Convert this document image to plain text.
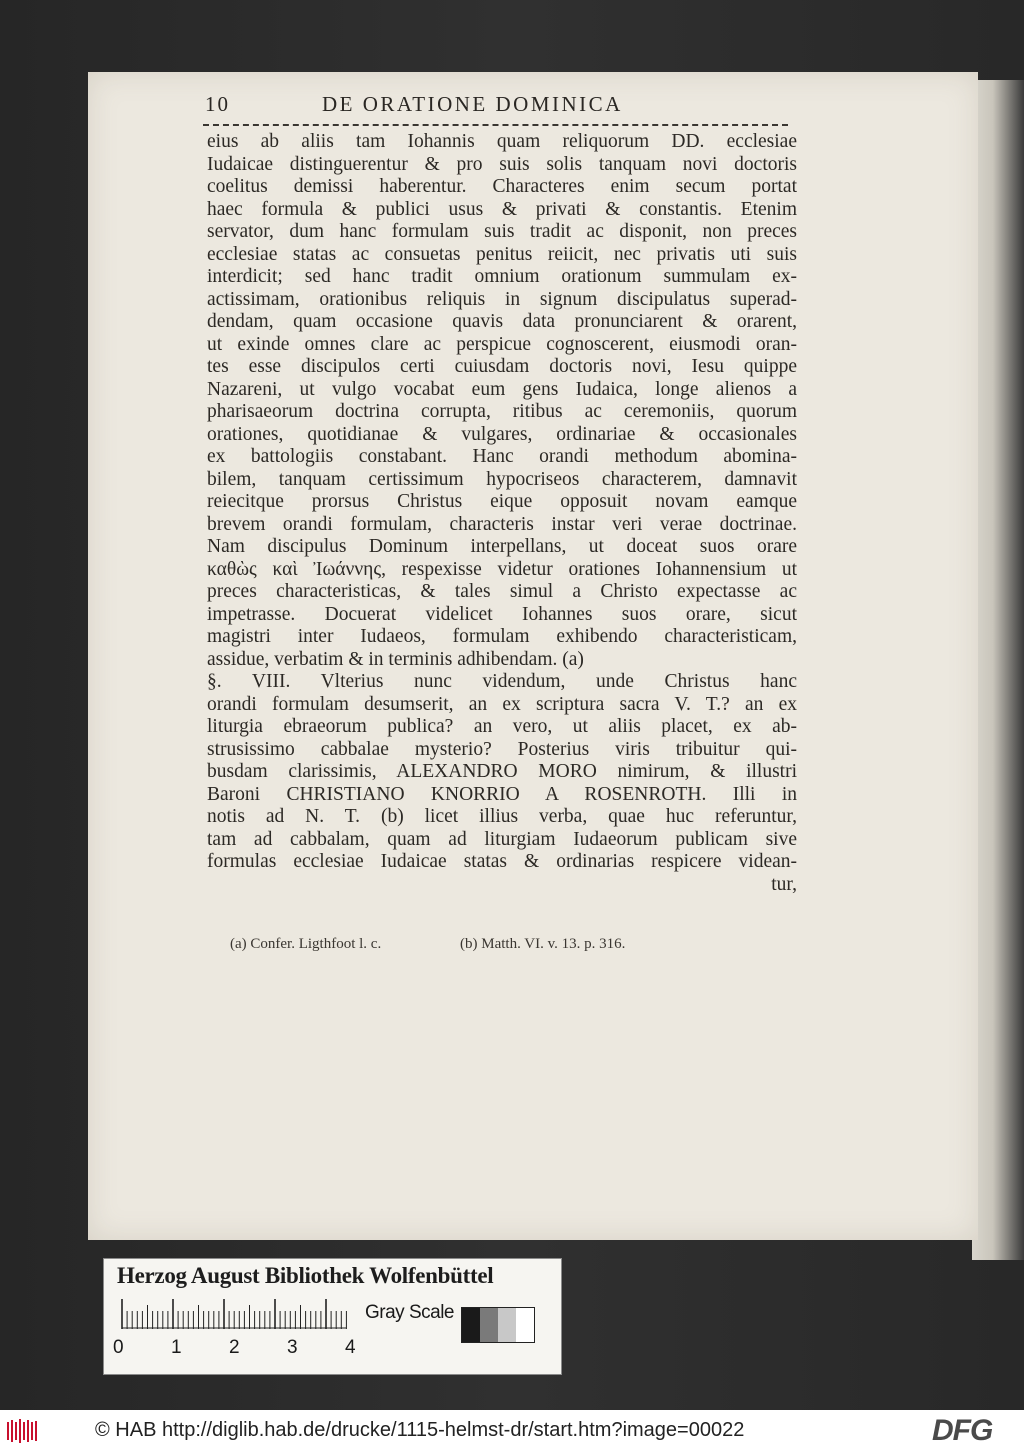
10	DE ORATIONE DOMINICA
eius ab aliis tam Iohannis quam reliquorum DD. ecclesiae
Iudaicae distinguerentur & pro suis solis tanquam novi doctoris
coelitus demissi haberentur. Characteres enim secum portat
haec formula & publici usus & privati & constantis. Etenim
servator, dum hanc formulam suis tradit ac disponit, non preces
ecclesiae statas ac consuetas penitus reiicit, nec privatis uti suis
interdicit; sed hanc tradit omnium orationum summulam ex-
actissimam, orationibus reliquis in signum discipulatus superad-
dendam, quam occasione quavis data pronunciarent & orarent,
ut exinde omnes clare ac perspicue cognoscerent, eiusmodi oran-
tes esse discipulos certi cuiusdam doctoris novi, Iesu quippe
Nazareni, ut vulgo vocabat eum gens Iudaica, longe alienos a
pharisaeorum doctrina corrupta, ritibus ac ceremoniis, quorum
orationes, quotidianae & vulgares, ordinariae & occasionales
ex battologiis constabant. Hanc orandi methodum abomina-
bilem, tanquam certissimum hypocriseos characterem, damnavit
reiecitque prorsus Christus eique opposuit novam eamque
brevem orandi formulam, characteris instar veri verae doctrinae.
Nam discipulus Dominum interpellans, ut doceat suos orare
καθὼς καὶ Ἰωάννης, respexisse videtur orationes Iohannensium ut
preces characteristicas, & tales simul a Christo expectasse ac
impetrasse. Docuerat videlicet Iohannes suos orare, sicut
magistri inter Iudaeos, formulam exhibendo characteristicam,
assidue, verbatim & in terminis adhibendam. (a)
§. VIII. Vlterius nunc videndum, unde Christus hanc
orandi formulam desumserit, an ex scriptura sacra V. T.? an ex
liturgia ebraeorum publica? an vero, ut aliis placet, ex ab-
strusissimo cabbalae mysterio? Posterius viris tribuitur qui-
busdam clarissimis, ALEXANDRO MORO nimirum, & illustri
Baroni CHRISTIANO KNORRIO A ROSENROTH. Illi in
notis ad N. T. (b) licet illius verba, quae huc referuntur,
tam ad cabbalam, quam ad liturgiam Iudaeorum publicam sive
formulas ecclesiae Iudaicae statas & ordinarias respicere videan-
tur,
(a) Confer. Ligthfoot l. c.	(b) Matth. VI. v. 13. p. 316.
Herzog August Bibliothek Wolfenbüttel
0 1 2 3 4
Gray Scale
© HAB http://diglib.hab.de/drucke/1115-helmst-dr/start.htm?image=00022	DFG
